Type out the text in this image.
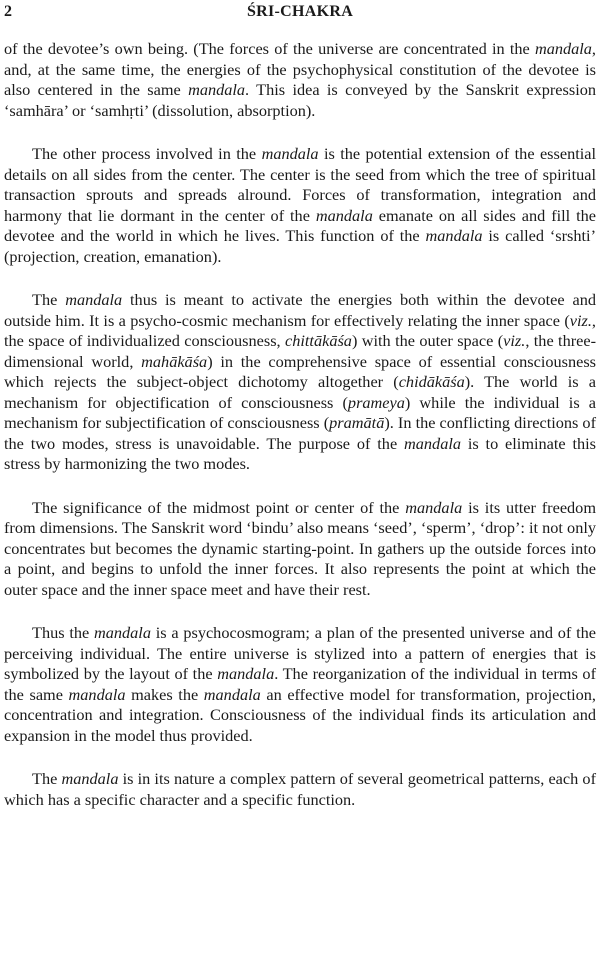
2	ŚRI-CHAKRA

of the devotee’s own being. (The forces of the universe are concentrated in the mandala, and, at the same time, the energies of the psychophysical constitution of the devotee is also centered in the same mandala. This idea is conveyed by the Sanskrit expression ‘samhāra’ or ‘samhṛti’ (dissolution, absorption).

The other process involved in the mandala is the potential extension of the essential details on all sides from the center. The center is the seed from which the tree of spiritual transaction sprouts and spreads alround. Forces of transformation, integration and harmony that lie dormant in the center of the mandala emanate on all sides and fill the devotee and the world in which he lives. This function of the mandala is called ‘srshti’ (projection, creation, emanation).

The mandala thus is meant to activate the energies both within the devotee and outside him. It is a psycho-cosmic mechanism for effectively relating the inner space (viz., the space of individualized consciousness, chittākāśa) with the outer space (viz., the three-dimensional world, mahākāśa) in the comprehensive space of essential consciousness which rejects the subject-object dichotomy altogether (chidākāśa). The world is a mechanism for objectification of consciousness (prameya) while the individual is a mechanism for subjectification of consciousness (pramātā). In the conflicting directions of the two modes, stress is unavoidable. The purpose of the mandala is to eliminate this stress by harmonizing the two modes.

The significance of the midmost point or center of the mandala is its utter freedom from dimensions. The Sanskrit word ‘bindu’ also means ‘seed’, ‘sperm’, ‘drop’: it not only concentrates but becomes the dynamic starting-point. In gathers up the outside forces into a point, and begins to unfold the inner forces. It also represents the point at which the outer space and the inner space meet and have their rest.

Thus the mandala is a psychocosmogram; a plan of the presented universe and of the perceiving individual. The entire universe is stylized into a pattern of energies that is symbolized by the layout of the mandala. The reorganization of the individual in terms of the same mandala makes the mandala an effective model for transformation, projection, concentration and integration. Consciousness of the individual finds its articulation and expansion in the model thus provided.

The mandala is in its nature a complex pattern of several geometrical patterns, each of which has a specific character and a specific function.
